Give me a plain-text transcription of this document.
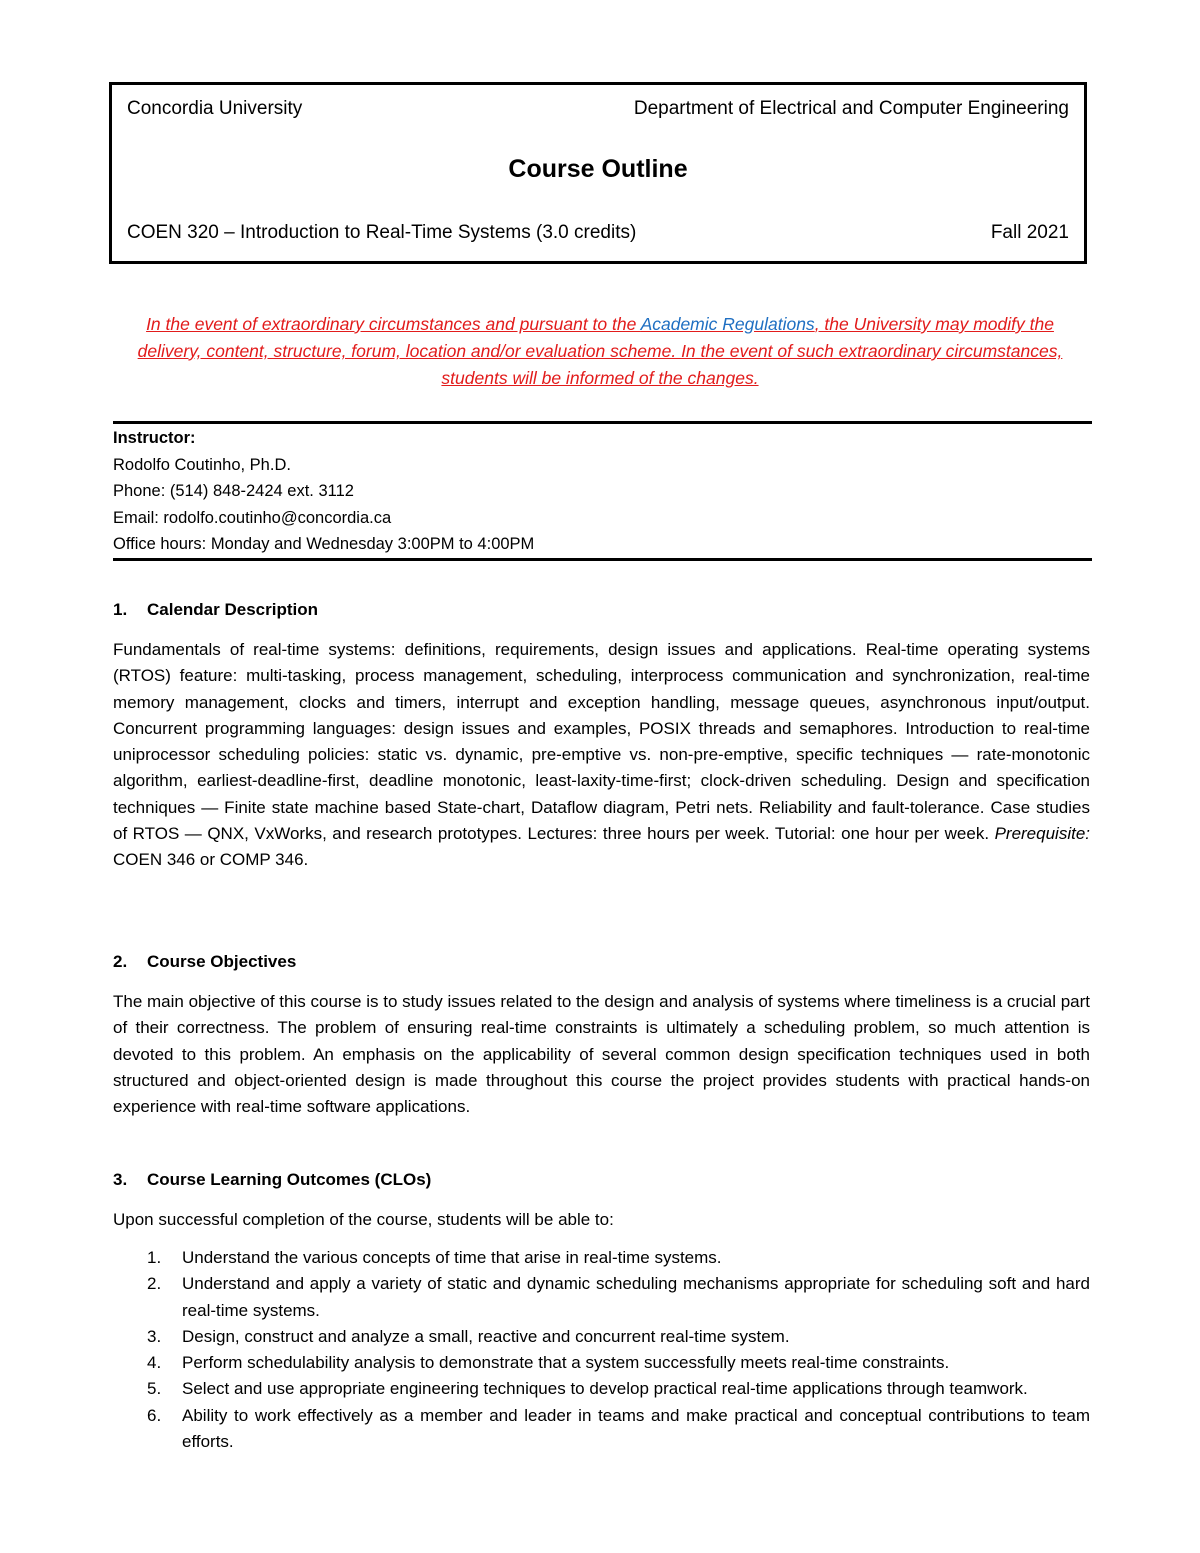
Concordia University	Department of Electrical and Computer Engineering
Course Outline
COEN 320 – Introduction to Real-Time Systems (3.0 credits)	Fall 2021
In the event of extraordinary circumstances and pursuant to the Academic Regulations, the University may modify the delivery, content, structure, forum, location and/or evaluation scheme. In the event of such extraordinary circumstances, students will be informed of the changes.
Instructor:
Rodolfo Coutinho, Ph.D.
Phone: (514) 848-2424 ext. 3112
Email: rodolfo.coutinho@concordia.ca
Office hours: Monday and Wednesday 3:00PM to 4:00PM
1. Calendar Description
Fundamentals of real-time systems: definitions, requirements, design issues and applications. Real-time operating systems (RTOS) feature: multi-tasking, process management, scheduling, interprocess communication and synchronization, real-time memory management, clocks and timers, interrupt and exception handling, message queues, asynchronous input/output. Concurrent programming languages: design issues and examples, POSIX threads and semaphores. Introduction to real-time uniprocessor scheduling policies: static vs. dynamic, pre-emptive vs. non-pre-emptive, specific techniques — rate-monotonic algorithm, earliest-deadline-first, deadline monotonic, least-laxity-time-first; clock-driven scheduling. Design and specification techniques — Finite state machine based State-chart, Dataflow diagram, Petri nets. Reliability and fault-tolerance. Case studies of RTOS — QNX, VxWorks, and research prototypes. Lectures: three hours per week. Tutorial: one hour per week. Prerequisite: COEN 346 or COMP 346.
2. Course Objectives
The main objective of this course is to study issues related to the design and analysis of systems where timeliness is a crucial part of their correctness. The problem of ensuring real-time constraints is ultimately a scheduling problem, so much attention is devoted to this problem. An emphasis on the applicability of several common design specification techniques used in both structured and object-oriented design is made throughout this course the project provides students with practical hands-on experience with real-time software applications.
3. Course Learning Outcomes (CLOs)
Upon successful completion of the course, students will be able to:
1. Understand the various concepts of time that arise in real-time systems.
2. Understand and apply a variety of static and dynamic scheduling mechanisms appropriate for scheduling soft and hard real-time systems.
3. Design, construct and analyze a small, reactive and concurrent real-time system.
4. Perform schedulability analysis to demonstrate that a system successfully meets real-time constraints.
5. Select and use appropriate engineering techniques to develop practical real-time applications through teamwork.
6. Ability to work effectively as a member and leader in teams and make practical and conceptual contributions to team efforts.
